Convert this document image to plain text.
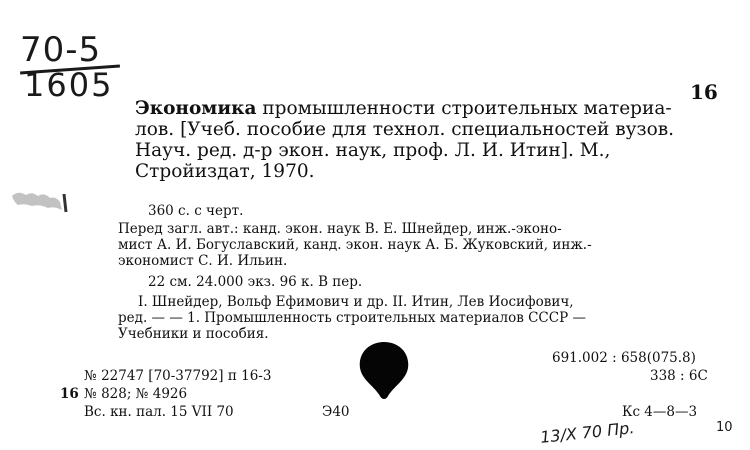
70-5
1605	16
Экономика промышленности строительных материа-
лов. [Учеб. пособие для технол. специальностей вузов.
Науч. ред. д-р экон. наук, проф. Л. И. Итин]. М.,
Стройиздат, 1970.
360 с. с черт.
Перед загл. авт.: канд. экон. наук В. Е. Шнейдер, инж.-эконо-
мист А. И. Богуславский, канд. экон. наук А. Б. Жуковский, инж.-
экономист С. И. Ильин.
22 см. 24.000 экз. 96 к. В пер.
I. Шнейдер, Вольф Ефимович и др. II. Итин, Лев Иосифович,
ред. — — 1. Промышленность строительных материалов СССР —
Учебники и пособия.
691.002 : 658(075.8)
338 : 6С
№ 22747 [70-37792] п 16-3
16 № 828; № 4926
Вс. кн. пал. 15 VII 70	Э40	Кс 4—8—3
13/X 70 Пр.	10
